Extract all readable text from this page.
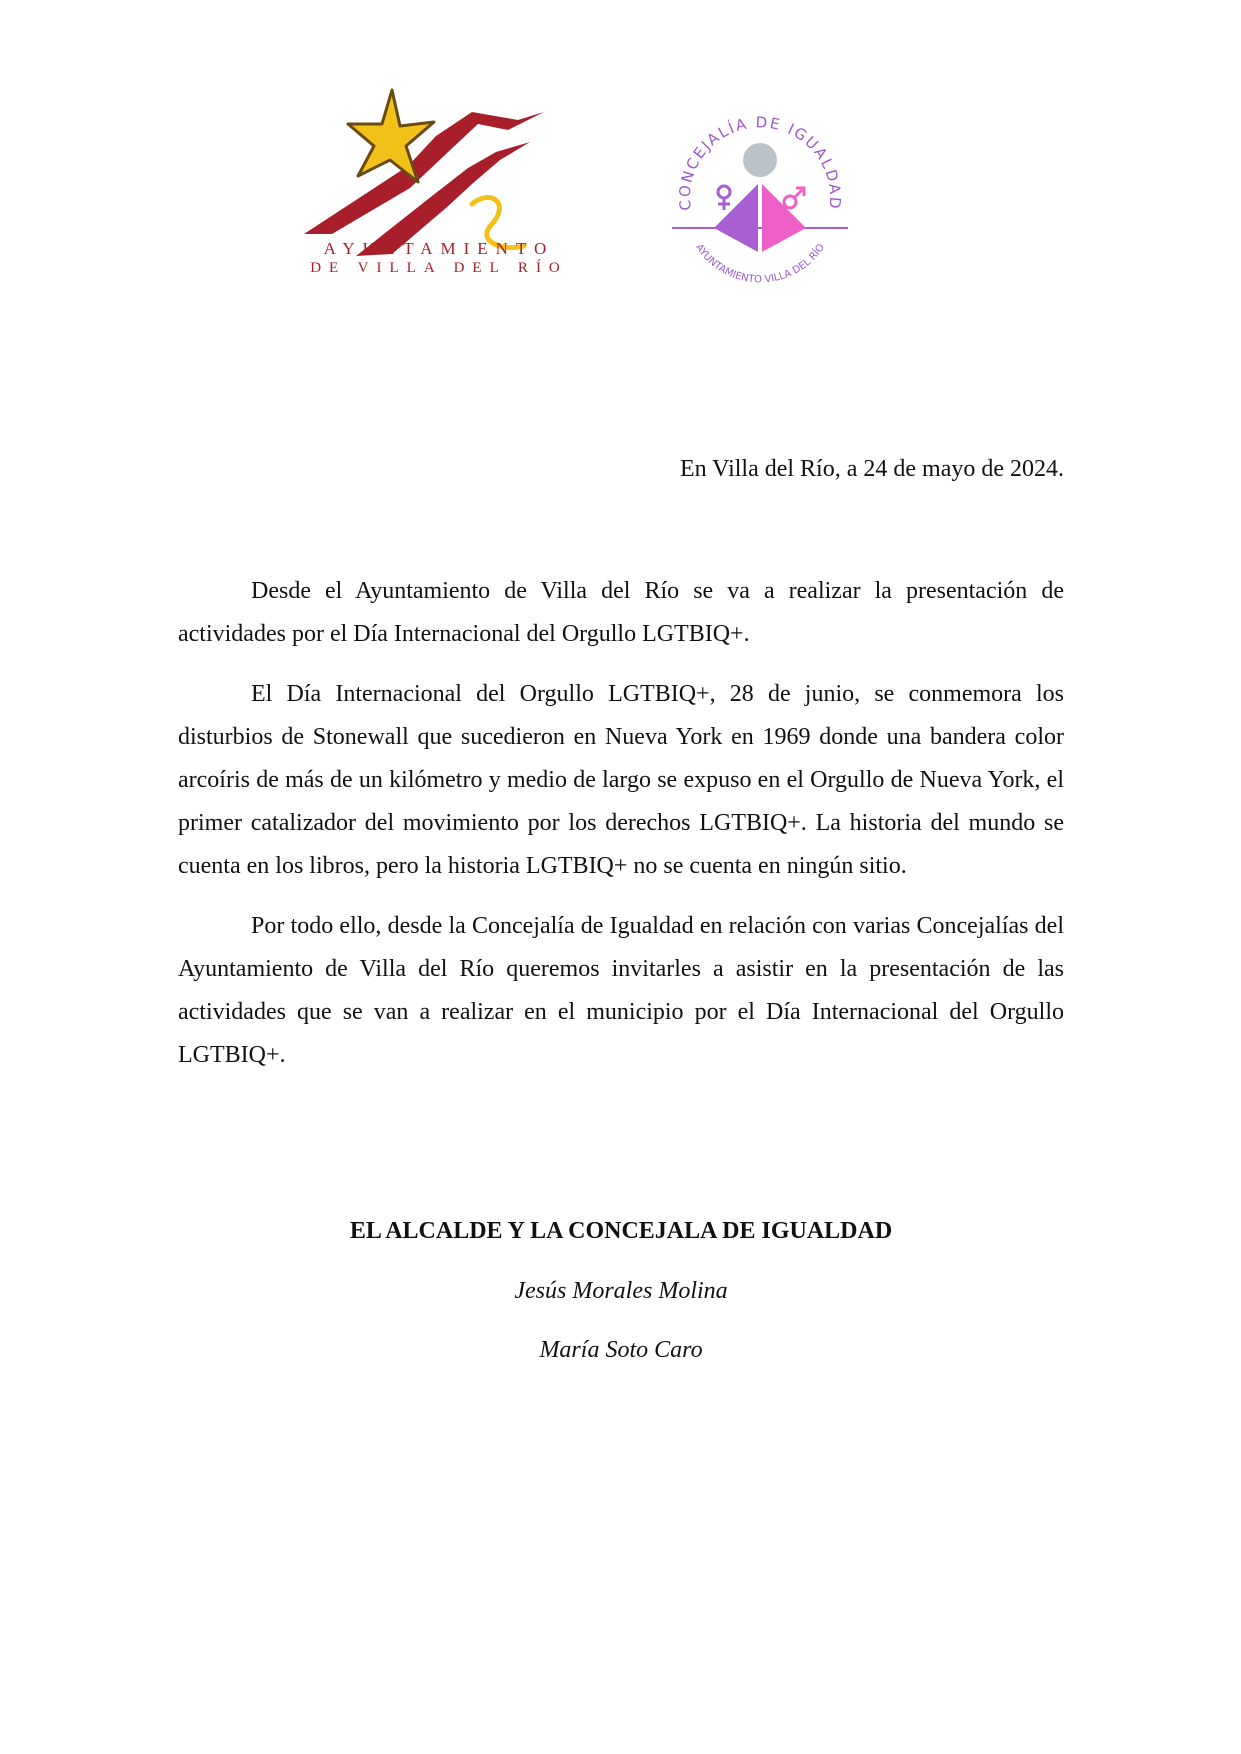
AYUNTAMIENTO
DE VILLA DEL RÍO
CONCEJALÍA DE IGUALDAD
AYUNTAMIENTO VILLA DEL RÍO
En Villa del Río, a 24 de mayo de 2024.

Desde el Ayuntamiento de Villa del Río se va a realizar la presentación de actividades por el Día Internacional del Orgullo LGTBIQ+.

El Día Internacional del Orgullo LGTBIQ+, 28 de junio, se conmemora los disturbios de Stonewall que sucedieron en Nueva York en 1969 donde una bandera color arcoíris de más de un kilómetro y medio de largo se expuso en el Orgullo de Nueva York, el primer catalizador del movimiento por los derechos LGTBIQ+. La historia del mundo se cuenta en los libros, pero la historia LGTBIQ+ no se cuenta en ningún sitio.

Por todo ello, desde la Concejalía de Igualdad en relación con varias Concejalías del Ayuntamiento de Villa del Río queremos invitarles a asistir en la presentación de las actividades que se van a realizar en el municipio por el Día Internacional del Orgullo LGTBIQ+.

EL ALCALDE Y LA CONCEJALA DE IGUALDAD

Jesús Morales Molina

María Soto Caro
